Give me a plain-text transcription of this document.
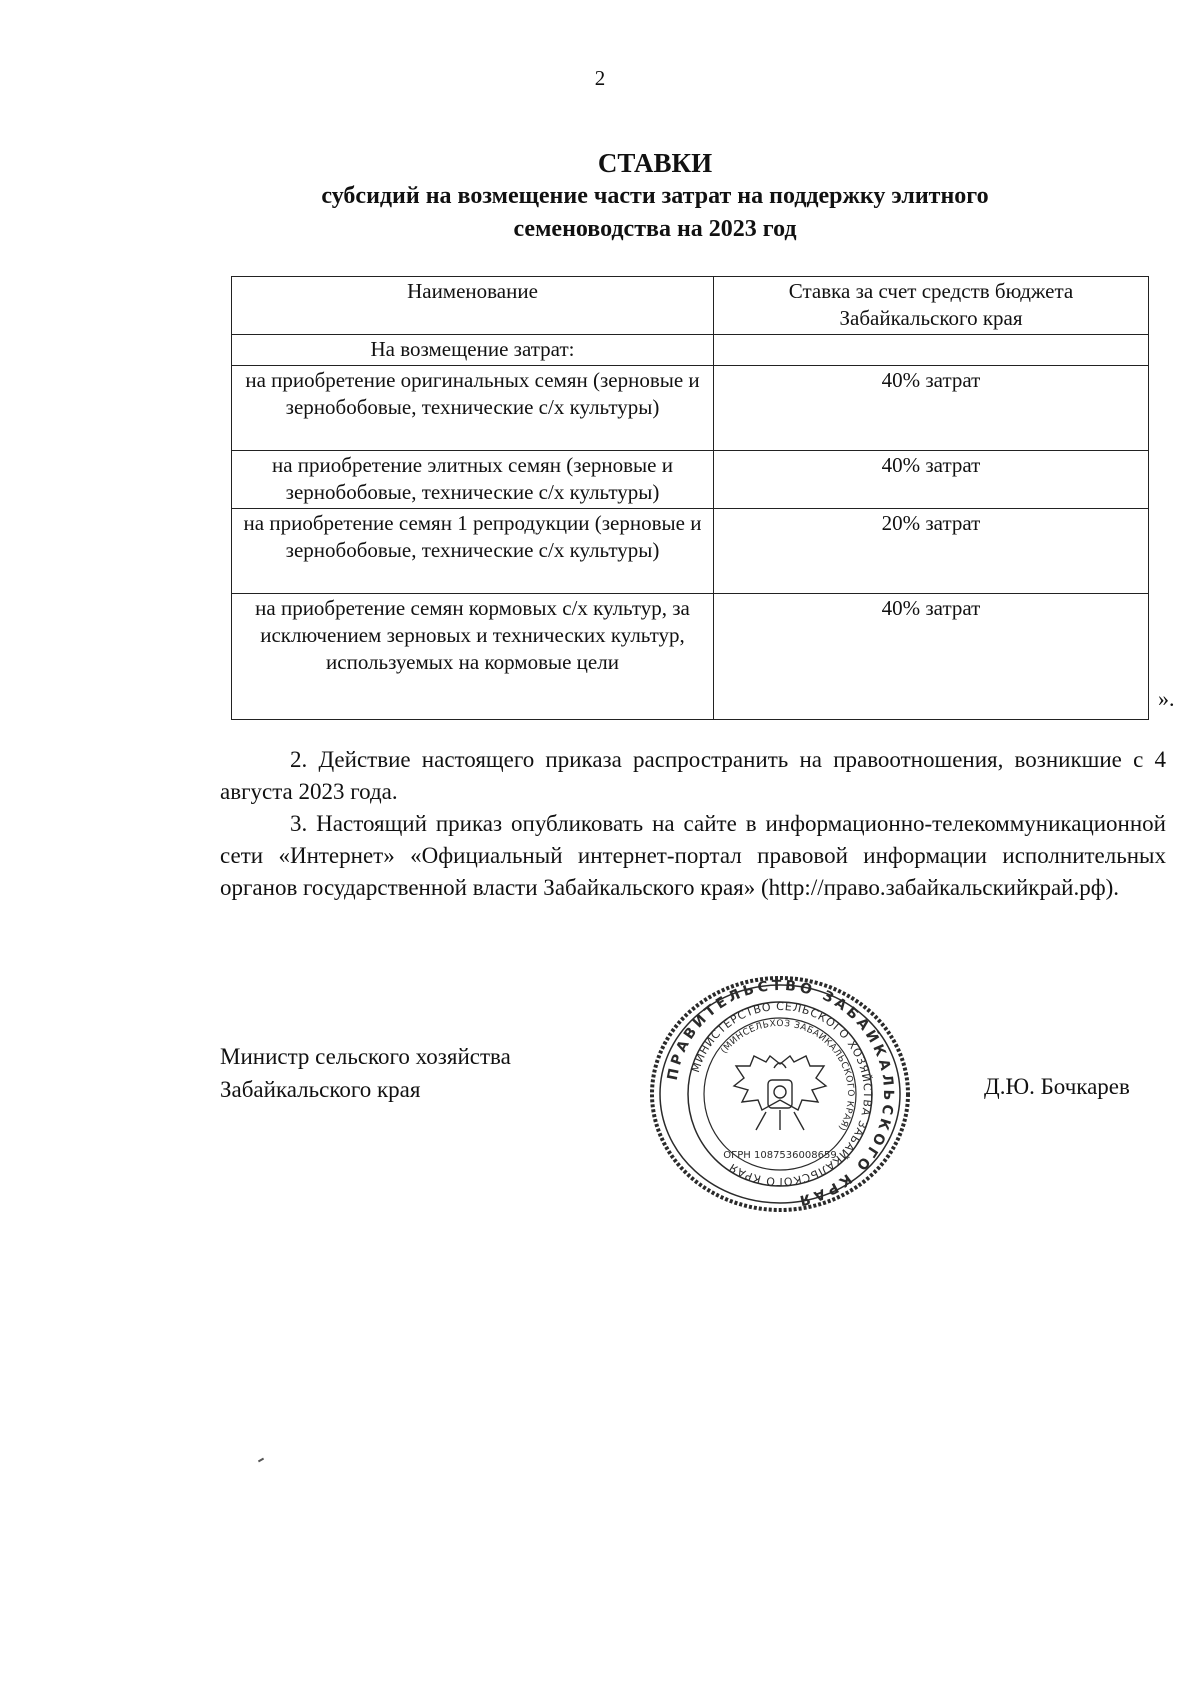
2
СТАВКИ
субсидий на возмещение части затрат на поддержку элитного
семеноводства на 2023 год
Наименование	Ставка за счет средств бюджета Забайкальского края
На возмещение затрат:	
на приобретение оригинальных семян (зерновые и зернобобовые, технические с/х культуры)	40% затрат
на приобретение элитных семян (зерновые и зернобобовые, технические с/х культуры)	40% затрат
на приобретение семян 1 репродукции (зерновые и зернобобовые, технические с/х культуры)	20% затрат
на приобретение семян кормовых с/х культур, за исключением зерновых и технических культур, используемых на кормовые цели	40% затрат
».

2. Действие настоящего приказа распространить на правоотношения, возникшие с 4 августа 2023 года.

3. Настоящий приказ опубликовать на сайте в информационно-телекоммуникационной сети «Интернет» «Официальный интернет-портал правовой информации исполнительных органов государственной власти Забайкальского края» (http://право.забайкальскийкрай.рф).

Министр сельского хозяйства
Забайкальского края
ПРАВИТЕЛЬСТВО ЗАБАЙКАЛЬСКОГО КРАЯ
МИНИСТЕРСТВО СЕЛЬСКОГО ХОЗЯЙСТВА ЗАБАЙКАЛЬСКОГО КРАЯ
(МИНСЕЛЬХОЗ ЗАБАЙКАЛЬСКОГО КРАЯ)
ОГРН 1087536008659
Д.Ю. Бочкарев
